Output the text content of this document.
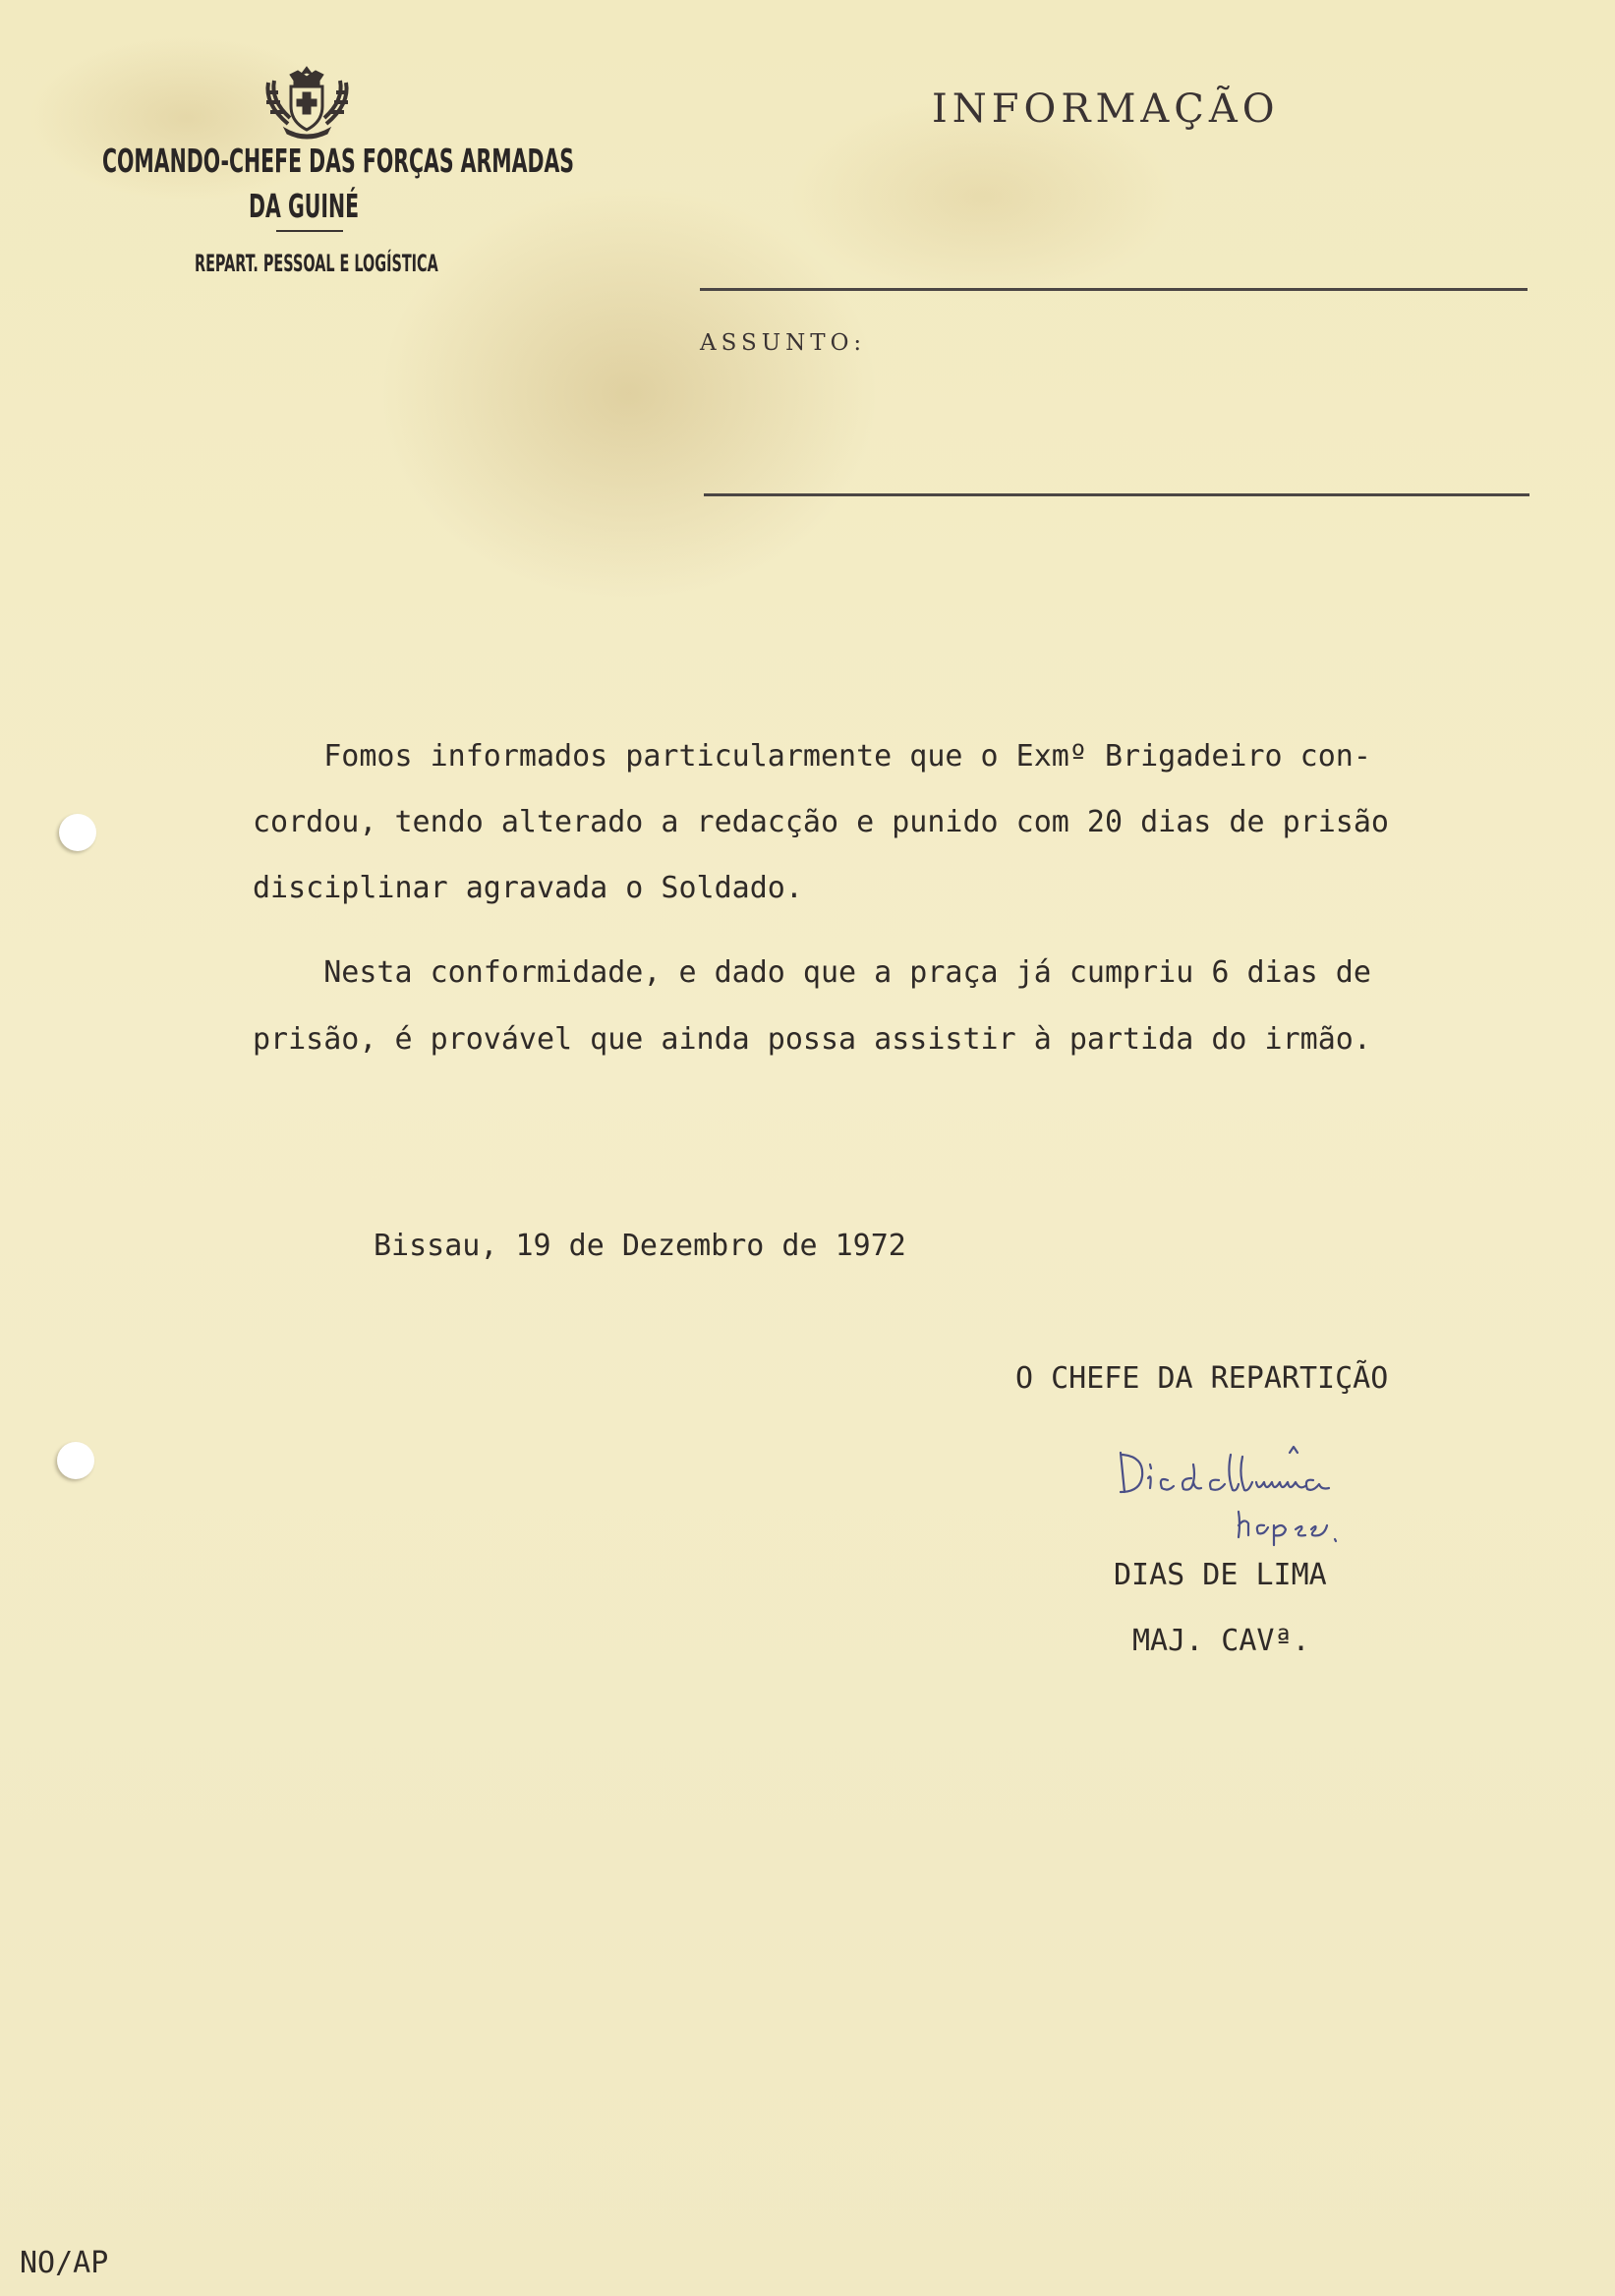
COMANDO-CHEFE DAS FORÇAS ARMADAS
DA GUINÉ
REPART. PESSOAL E LOGÍSTICA
INFORMAÇÃO
ASSUNTO:

Fomos informados particularmente que o Exmº Brigadeiro con-

cordou, tendo alterado a redacção e punido com 20 dias de prisão

disciplinar agravada o Soldado.

Nesta conformidade, e dado que a praça já cumpriu 6 dias de

prisão, é provável que ainda possa assistir à partida do irmão.

Bissau, 19 de Dezembro de 1972
O CHEFE DA REPARTIÇÃO
DIAS DE LIMA
MAJ. CAVª.
NO/AP
